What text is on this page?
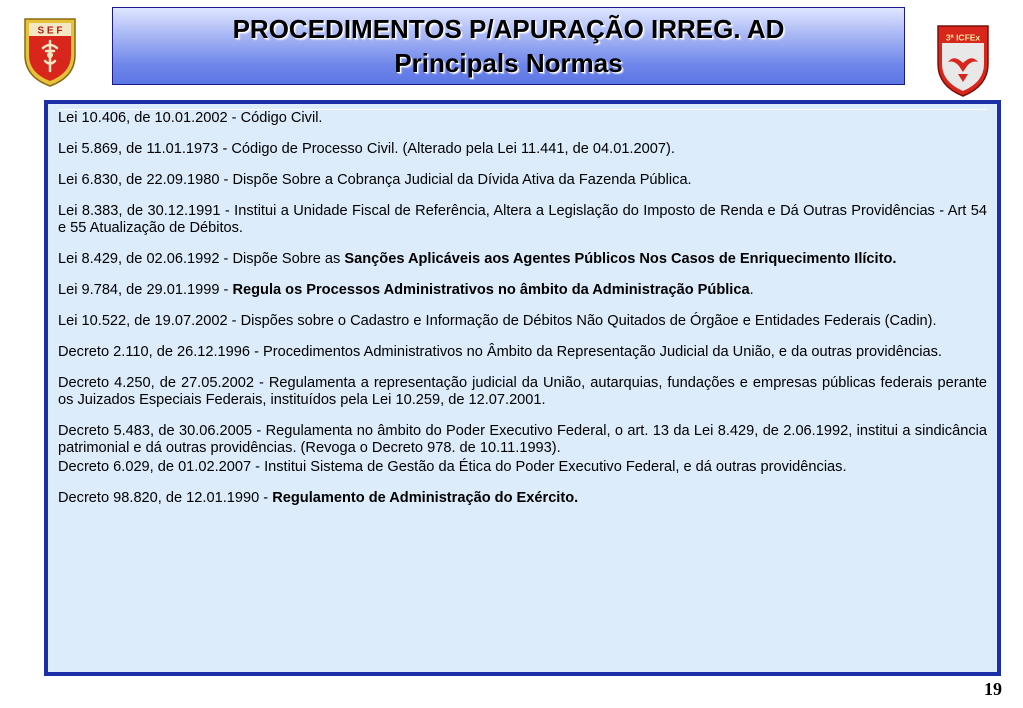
PROCEDIMENTOS P/APURAÇÃO IRREG. AD
Principals Normas
S E F
3ª ICFEx

Lei 10.406, de 10.01.2002 - Código Civil.

Lei 5.869, de 11.01.1973 - Código de Processo Civil. (Alterado pela Lei 11.441, de 04.01.2007).

Lei 6.830, de 22.09.1980 - Dispõe Sobre a Cobrança Judicial da Dívida Ativa da Fazenda Pública.

Lei 8.383, de 30.12.1991 - Institui a Unidade Fiscal de Referência, Altera a Legislação do Imposto de Renda e Dá Outras Providências - Art 54 e 55 Atualização de Débitos.

Lei 8.429, de 02.06.1992 - Dispõe Sobre as Sanções Aplicáveis aos Agentes Públicos Nos Casos de Enriquecimento Ilícito.

Lei 9.784, de 29.01.1999 - Regula os Processos Administrativos no âmbito da Administração Pública.

Lei 10.522, de 19.07.2002 - Dispões sobre o Cadastro e Informação de Débitos Não Quitados de Órgãoe e Entidades Federais (Cadin).

Decreto 2.110, de 26.12.1996 - Procedimentos Administrativos no Âmbito da Representação Judicial da União, e da outras providências.

Decreto 4.250, de 27.05.2002 - Regulamenta a representação judicial da União, autarquias, fundações e empresas públicas federais perante os Juizados Especiais Federais, instituídos pela Lei 10.259, de 12.07.2001.

Decreto 5.483, de 30.06.2005 - Regulamenta no âmbito do Poder Executivo Federal, o art. 13 da Lei 8.429, de 2.06.1992, institui a sindicância patrimonial e dá outras providências. (Revoga o Decreto 978. de 10.11.1993).

Decreto 6.029, de 01.02.2007 - Institui Sistema de Gestão da Ética do Poder Executivo Federal, e dá outras providências.

Decreto 98.820, de 12.01.1990 - Regulamento de Administração do Exército.

19
